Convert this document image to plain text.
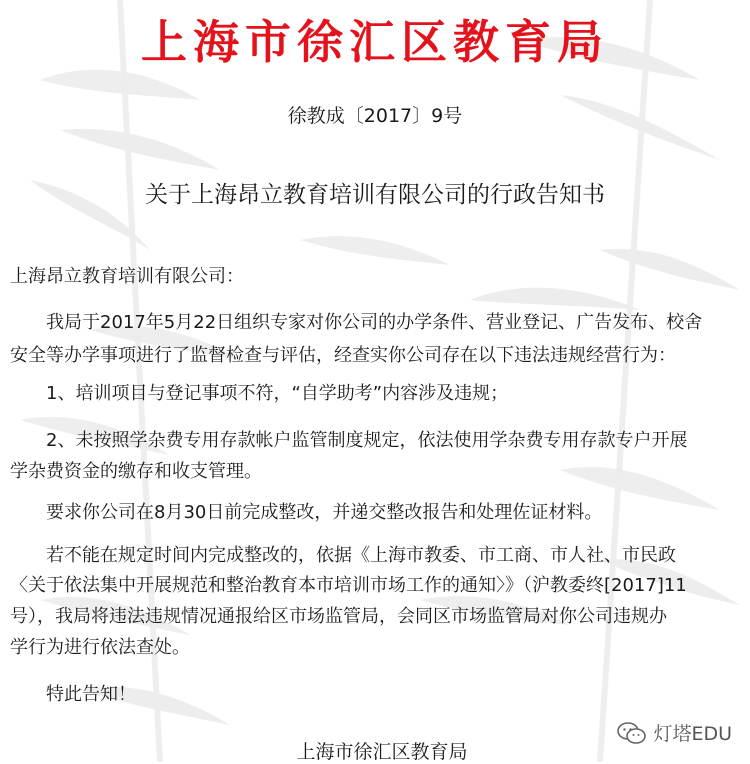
上海市徐汇区教育局
徐教成〔2017〕9号
关于上海昂立教育培训有限公司的行政告知书
上海昂立教育培训有限公司：
我局于2017年5月22日组织专家对你公司的办学条件、营业登记、广告发布、校舍
安全等办学事项进行了监督检查与评估，经查实你公司存在以下违法违规经营行为：
1、培训项目与登记事项不符，“自学助考”内容涉及违规；
2、未按照学杂费专用存款帐户监管制度规定，依法使用学杂费专用存款专户开展
学杂费资金的缴存和收支管理。
要求你公司在8月30日前完成整改，并递交整改报告和处理佐证材料。
若不能在规定时间内完成整改的，依据《上海市教委、市工商、市人社、市民政
〈关于依法集中开展规范和整治教育本市培训市场工作的通知〉》（沪教委终[2017]11
号），我局将违法违规情况通报给区市场监管局，会同区市场监管局对你公司违规办
学行为进行依法查处。
特此告知！
灯塔EDU
上海市徐汇区教育局
